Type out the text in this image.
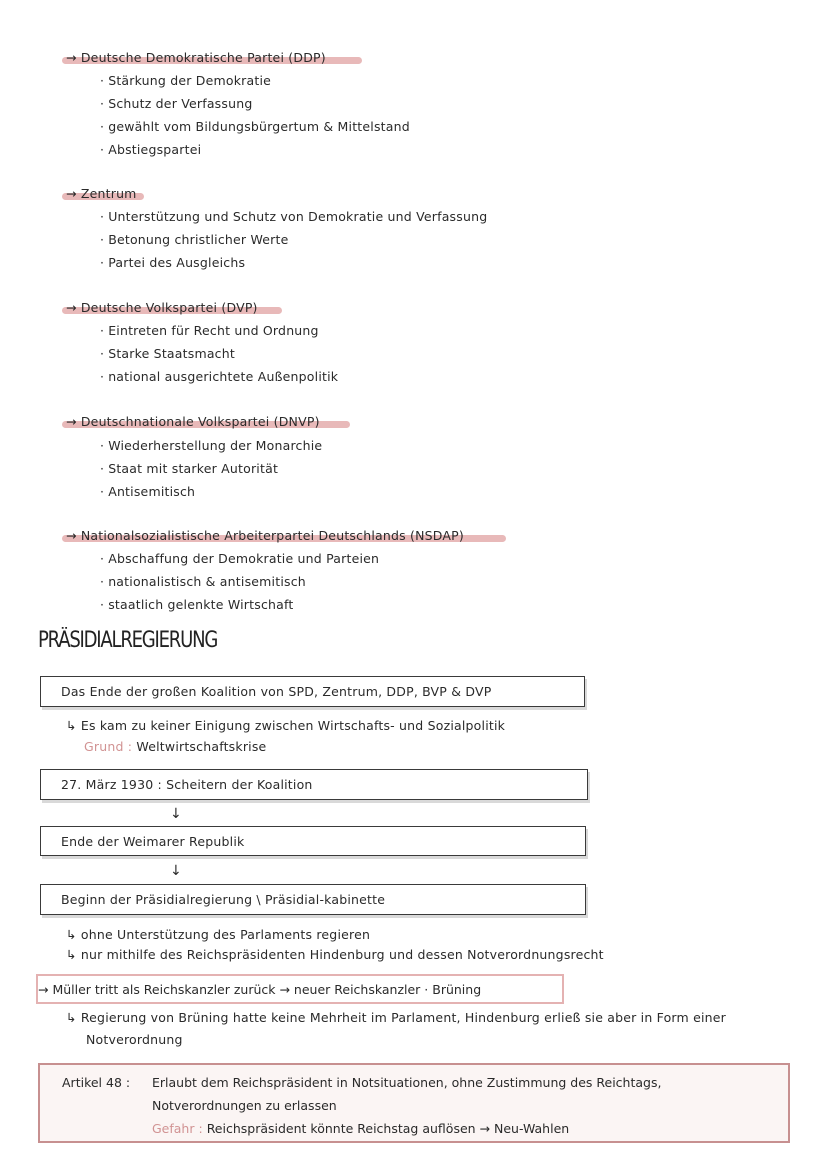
→ Deutsche Demokratische Partei (DDP)
· Stärkung der Demokratie
· Schutz der Verfassung
· gewählt vom Bildungsbürgertum & Mittelstand
· Abstiegspartei
→ Zentrum
· Unterstützung und Schutz von Demokratie und Verfassung
· Betonung christlicher Werte
· Partei des Ausgleichs
→ Deutsche Volkspartei (DVP)
· Eintreten für Recht und Ordnung
· Starke Staatsmacht
· national ausgerichtete Außenpolitik
→ Deutschnationale Volkspartei (DNVP)
· Wiederherstellung der Monarchie
· Staat mit starker Autorität
· Antisemitisch
→ Nationalsozialistische Arbeiterpartei Deutschlands (NSDAP)
· Abschaffung der Demokratie und Parteien
· nationalistisch & antisemitisch
· staatlich gelenkte Wirtschaft
PRÄSIDIALREGIERUNG
Das Ende der großen Koalition von SPD, Zentrum, DDP, BVP & DVP
↳ Es kam zu keiner Einigung zwischen Wirtschafts- und Sozialpolitik
Grund : Weltwirtschaftskrise
27. März 1930 : Scheitern der Koalition
↓
Ende der Weimarer Republik
↓
Beginn der Präsidialregierung \ Präsidial-kabinette
↳ ohne Unterstützung des Parlaments regieren
↳ nur mithilfe des Reichspräsidenten Hindenburg und dessen Notverordnungsrecht
→ Müller tritt als Reichskanzler zurück → neuer Reichskanzler · Brüning
↳ Regierung von Brüning hatte keine Mehrheit im Parlament, Hindenburg erließ sie aber in Form einer
Notverordnung
Artikel 48 : Erlaubt dem Reichspräsident in Notsituationen, ohne Zustimmung des Reichtags,
Notverordnungen zu erlassen
Gefahr : Reichspräsident könnte Reichstag auflösen → Neu-Wahlen
